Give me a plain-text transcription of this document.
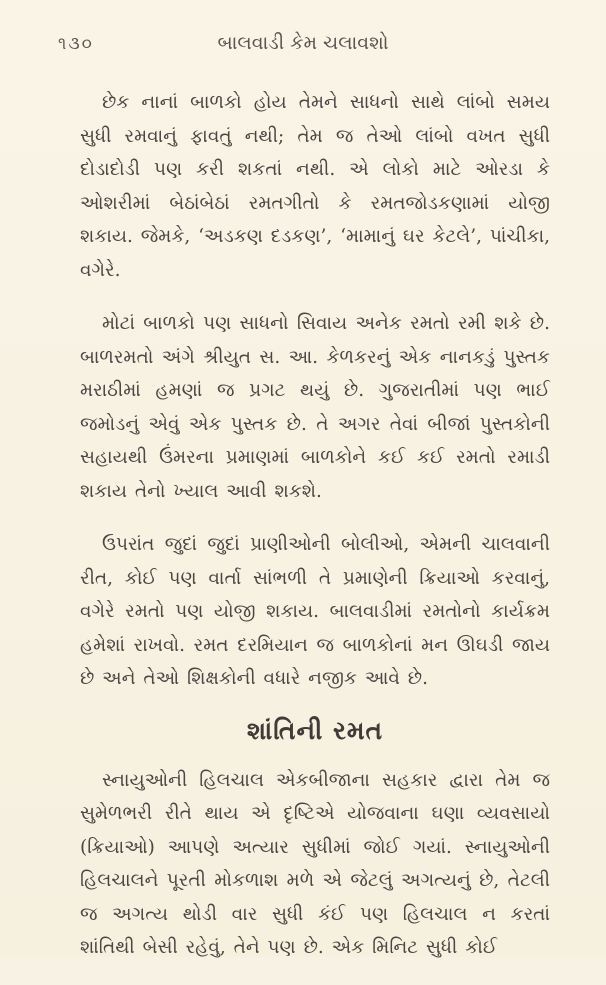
૧૩૦	બાલવાડી કેમ ચલાવશો

છેક નાનાં બાળકો હોય તેમને સાધનો સાથે લાંબો સમય સુધી રમવાનું ફાવતું નથી; તેમ જ તેઓ લાંબો વખત સુધી દોડાદોડી પણ કરી શકતાં નથી. એ લોકો માટે ઓરડા કે ઓશરીમાં બેઠાંબેઠાં રમતગીતો કે રમતજોડકણામાં યોજી શકાય. જેમકે, ‘અડકણ દડકણ’, ‘મામાનું ઘર કેટલે’, પાંચીકા, વગેરે.

મોટાં બાળકો પણ સાધનો સિવાય અનેક રમતો રમી શકે છે. બાળરમતો અંગે શ્રીયુત સ. આ. કેળકરનું એક નાનકડું પુસ્તક મરાઠીમાં હમણાં જ પ્રગટ થયું છે. ગુજરાતીમાં પણ ભાઈ જમોડનું એવું એક પુસ્તક છે. તે અગર તેવાં બીજાં પુસ્તકોની સહાયથી ઉંમરના પ્રમાણમાં બાળકોને કઈ કઈ રમતો રમાડી શકાય તેનો ખ્યાલ આવી શકશે.

ઉપરાંત જુદાં જુદાં પ્રાણીઓની બોલીઓ, એમની ચાલવાની રીત, કોઈ પણ વાર્તા સાંભળી તે પ્રમાણેની ક્રિયાઓ કરવાનું, વગેરે રમતો પણ યોજી શકાય. બાલવાડીમાં રમતોનો કાર્યક્રમ હમેશાં રાખવો. રમત દરમિયાન જ બાળકોનાં મન ઊઘડી જાય છે અને તેઓ શિક્ષકોની વધારે નજીક આવે છે.

શાંતિની રમત

સ્નાયુઓની હિલચાલ એકબીજાના સહકાર દ્વારા તેમ જ સુમેળભરી રીતે થાય એ દૃષ્ટિએ યોજવાના ઘણા વ્યવસાયો (ક્રિયાઓ) આપણે અત્યાર સુધીમાં જોઈ ગયાં. સ્નાયુઓની હિલચાલને પૂરતી મોકળાશ મળે એ જેટલું અગત્યનું છે, તેટલી જ અગત્ય થોડી વાર સુધી કંઈ પણ હિલચાલ ન કરતાં શાંતિથી બેસી રહેવું, તેને પણ છે. એક મિનિટ સુધી કોઈ
